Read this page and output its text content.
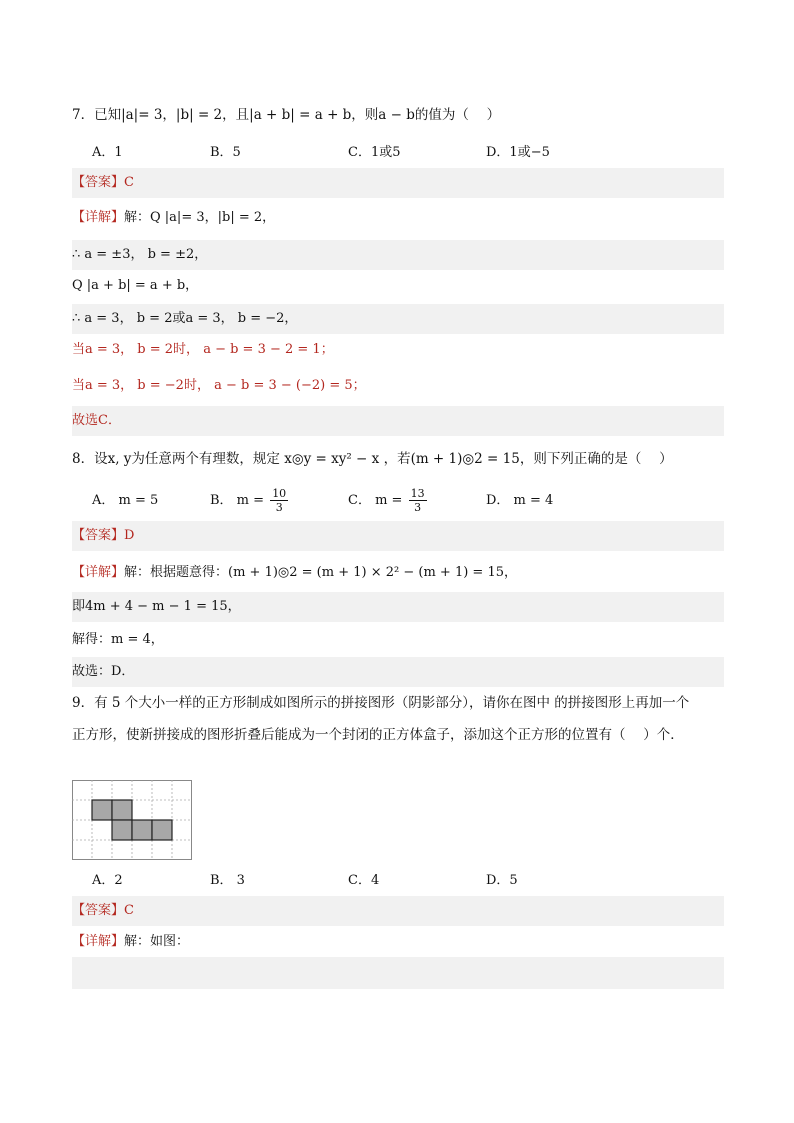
7．已知|a|= 3，|b| = 2，且|a + b| = a + b，则a − b的值为（　 ）
A．1	B．5	C．1或5	D．1或−5
【答案】C
【详解】解：Q |a|= 3，|b| = 2，
∴ a = ±3， b = ±2，
Q |a + b| = a + b，
∴ a = 3， b = 2或a = 3， b = −2，
当a = 3， b = 2时， a − b = 3 − 2 = 1；
当a = 3， b = −2时， a − b = 3 − (−2) = 5；
故选C．
8．设x, y为任意两个有理数，规定 x◎y = xy² − x ，若(m + 1)◎2 = 15，则下列正确的是（　 ）
A． m = 5	B． $m = \frac{10}{3}$	C． $m = \frac{13}{3}$	D． m = 4
【答案】D
【详解】解：根据题意得：(m + 1)◎2 = (m + 1) × 2² − (m + 1) = 15，
即4m + 4 − m − 1 = 15，
解得：m = 4，
故选：D．
9．有 5 个大小一样的正方形制成如图所示的拼接图形（阴影部分），请你在图中 的拼接图形上再加一个
正方形，使新拼接成的图形折叠后能成为一个封闭的正方体盒子，添加这个正方形的位置有（　 ）个．
A．2	B． 3	C．4	D．5
【答案】C
【详解】解：如图：
